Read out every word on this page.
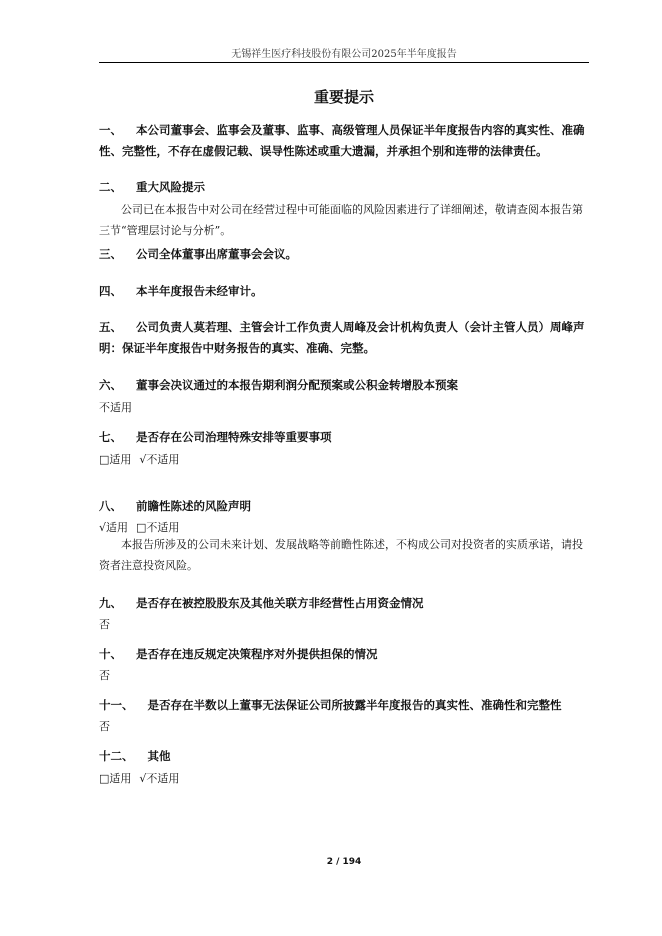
无锡祥生医疗科技股份有限公司2025年半年度报告
重要提示
一、 本公司董事会、监事会及董事、监事、高级管理人员保证半年度报告内容的真实性、准确性、完整性，不存在虚假记载、误导性陈述或重大遗漏，并承担个别和连带的法律责任。
二、 重大风险提示
公司已在本报告中对公司在经营过程中可能面临的风险因素进行了详细阐述，敬请查阅本报告第三节“管理层讨论与分析”。
三、 公司全体董事出席董事会会议。
四、 本半年度报告未经审计。
五、 公司负责人莫若理、主管会计工作负责人周峰及会计机构负责人（会计主管人员）周峰声明：保证半年度报告中财务报告的真实、准确、完整。
六、 董事会决议通过的本报告期利润分配预案或公积金转增股本预案
不适用
七、 是否存在公司治理特殊安排等重要事项
□适用 √不适用
八、 前瞻性陈述的风险声明
√适用 □不适用
本报告所涉及的公司未来计划、发展战略等前瞻性陈述，不构成公司对投资者的实质承诺，请投资者注意投资风险。
九、 是否存在被控股股东及其他关联方非经营性占用资金情况
否
十、 是否存在违反规定决策程序对外提供担保的情况
否
十一、 是否存在半数以上董事无法保证公司所披露半年度报告的真实性、准确性和完整性
否
十二、 其他
□适用 √不适用
2 / 194
